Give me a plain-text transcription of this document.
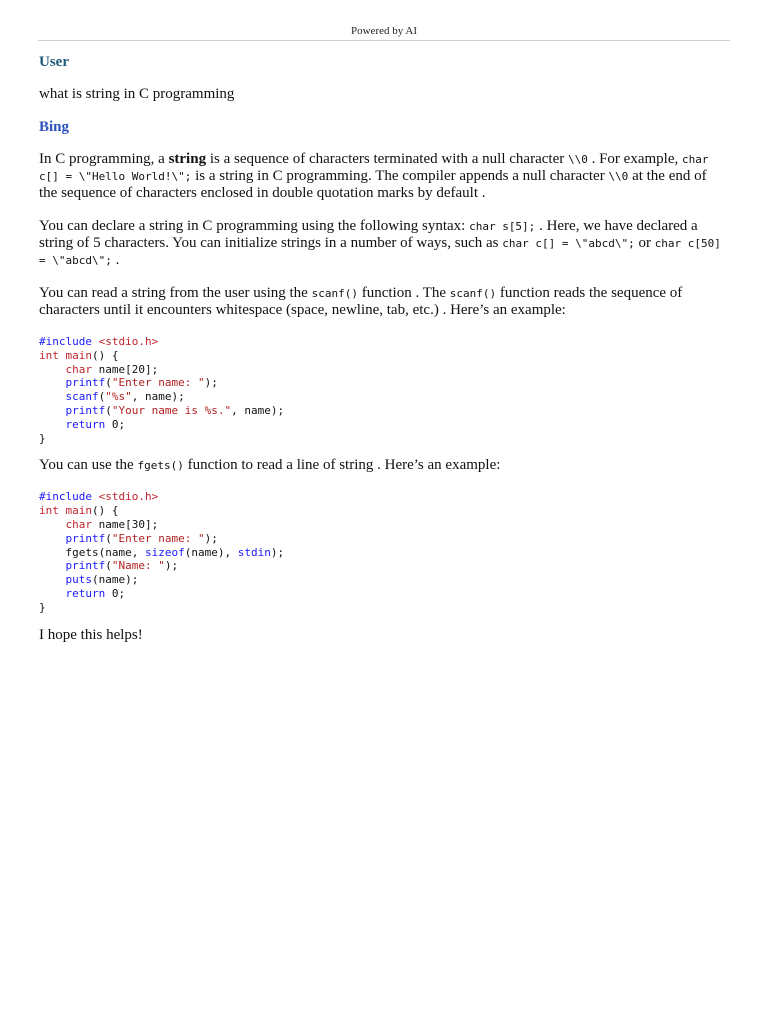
Powered by AI
User

what is string in C programming

Bing

In C programming, a string is a sequence of characters terminated with a null character \\0 . For example, char c[] = \"Hello World!\"; is a string in C programming. The compiler appends a null character \\0 at the end of the sequence of characters enclosed in double quotation marks by default .

You can declare a string in C programming using the following syntax: char s[5]; . Here, we have declared a string of 5 characters. You can initialize strings in a number of ways, such as char c[] = \"abcd\"; or char c[50] = \"abcd\"; .

You can read a string from the user using the scanf() function . The scanf() function reads the sequence of characters until it encounters whitespace (space, newline, tab, etc.) . Here’s an example:

#include <stdio.h>
int main() {
char name[20];
printf("Enter name: ");
scanf("%s", name);
printf("Your name is %s.", name);
return 0;
}

You can use the fgets() function to read a line of string . Here’s an example:

#include <stdio.h>
int main() {
char name[30];
printf("Enter name: ");
fgets(name, sizeof(name), stdin);
printf("Name: ");
puts(name);
return 0;
}

I hope this helps!
